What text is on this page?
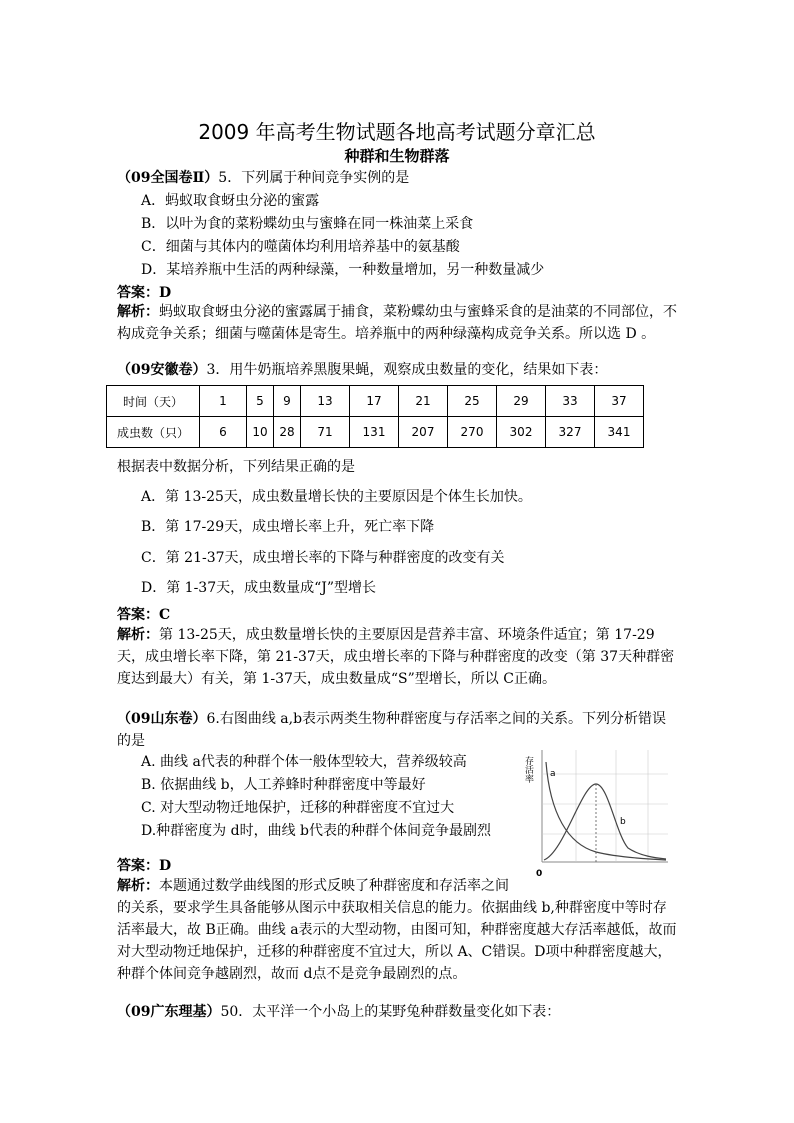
2009 年高考生物试题各地高考试题分章汇总
种群和生物群落
（09全国卷Ⅱ）5．下列属于种间竞争实例的是
A．蚂蚁取食蚜虫分泌的蜜露
B．以叶为食的菜粉蝶幼虫与蜜蜂在同一株油菜上采食
C．细菌与其体内的噬菌体均利用培养基中的氨基酸
D．某培养瓶中生活的两种绿藻，一种数量增加，另一种数量减少
答案：D
解析：蚂蚁取食蚜虫分泌的蜜露属于捕食，菜粉蝶幼虫与蜜蜂采食的是油菜的不同部位，不构成竞争关系；细菌与噬菌体是寄生。培养瓶中的两种绿藻构成竞争关系。所以选 D 。
（09安徽卷）3．用牛奶瓶培养黑腹果蝇，观察成虫数量的变化，结果如下表：
时间（天）	1	5	9	13	17	21	25	29	33	37
成虫数（只）	6	10	28	71	131	207	270	302	327	341
根据表中数据分析，下列结果正确的是
A．第 13-25天，成虫数量增长快的主要原因是个体生长加快。
B．第 17-29天，成虫增长率上升，死亡率下降
C．第 21-37天，成虫增长率的下降与种群密度的改变有关
D．第 1-37天，成虫数量成“J”型增长
答案：C
解析：第 13-25天，成虫数量增长快的主要原因是营养丰富、环境条件适宜；第 17-29天，成虫增长率下降，第 21-37天，成虫增长率的下降与种群密度的改变（第 37天种群密度达到最大）有关，第 1-37天，成虫数量成“S”型增长，所以 C正确。
（09山东卷）6.右图曲线 a,b表示两类生物种群密度与存活率之间的关系。下列分析错误的是
A. 曲线 a代表的种群个体一般体型较大，营养级较高
B. 依据曲线 b，人工养蜂时种群密度中等最好
C. 对大型动物迁地保护，迁移的种群密度不宜过大
D.种群密度为 d时，曲线 b代表的种群个体间竞争最剧烈
存活率 a
b
0
答案：D
解析：本题通过数学曲线图的形式反映了种群密度和存活率之间
的关系，要求学生具备能够从图示中获取相关信息的能力。依据曲线 b,种群密度中等时存活率最大，故 B正确。曲线 a表示的大型动物，由图可知，种群密度越大存活率越低，故而对大型动物迁地保护，迁移的种群密度不宜过大，所以 A、C错误。D项中种群密度越大，种群个体间竞争越剧烈，故而 d点不是竞争最剧烈的点。
（09广东理基）50．太平洋一个小岛上的某野兔种群数量变化如下表：
